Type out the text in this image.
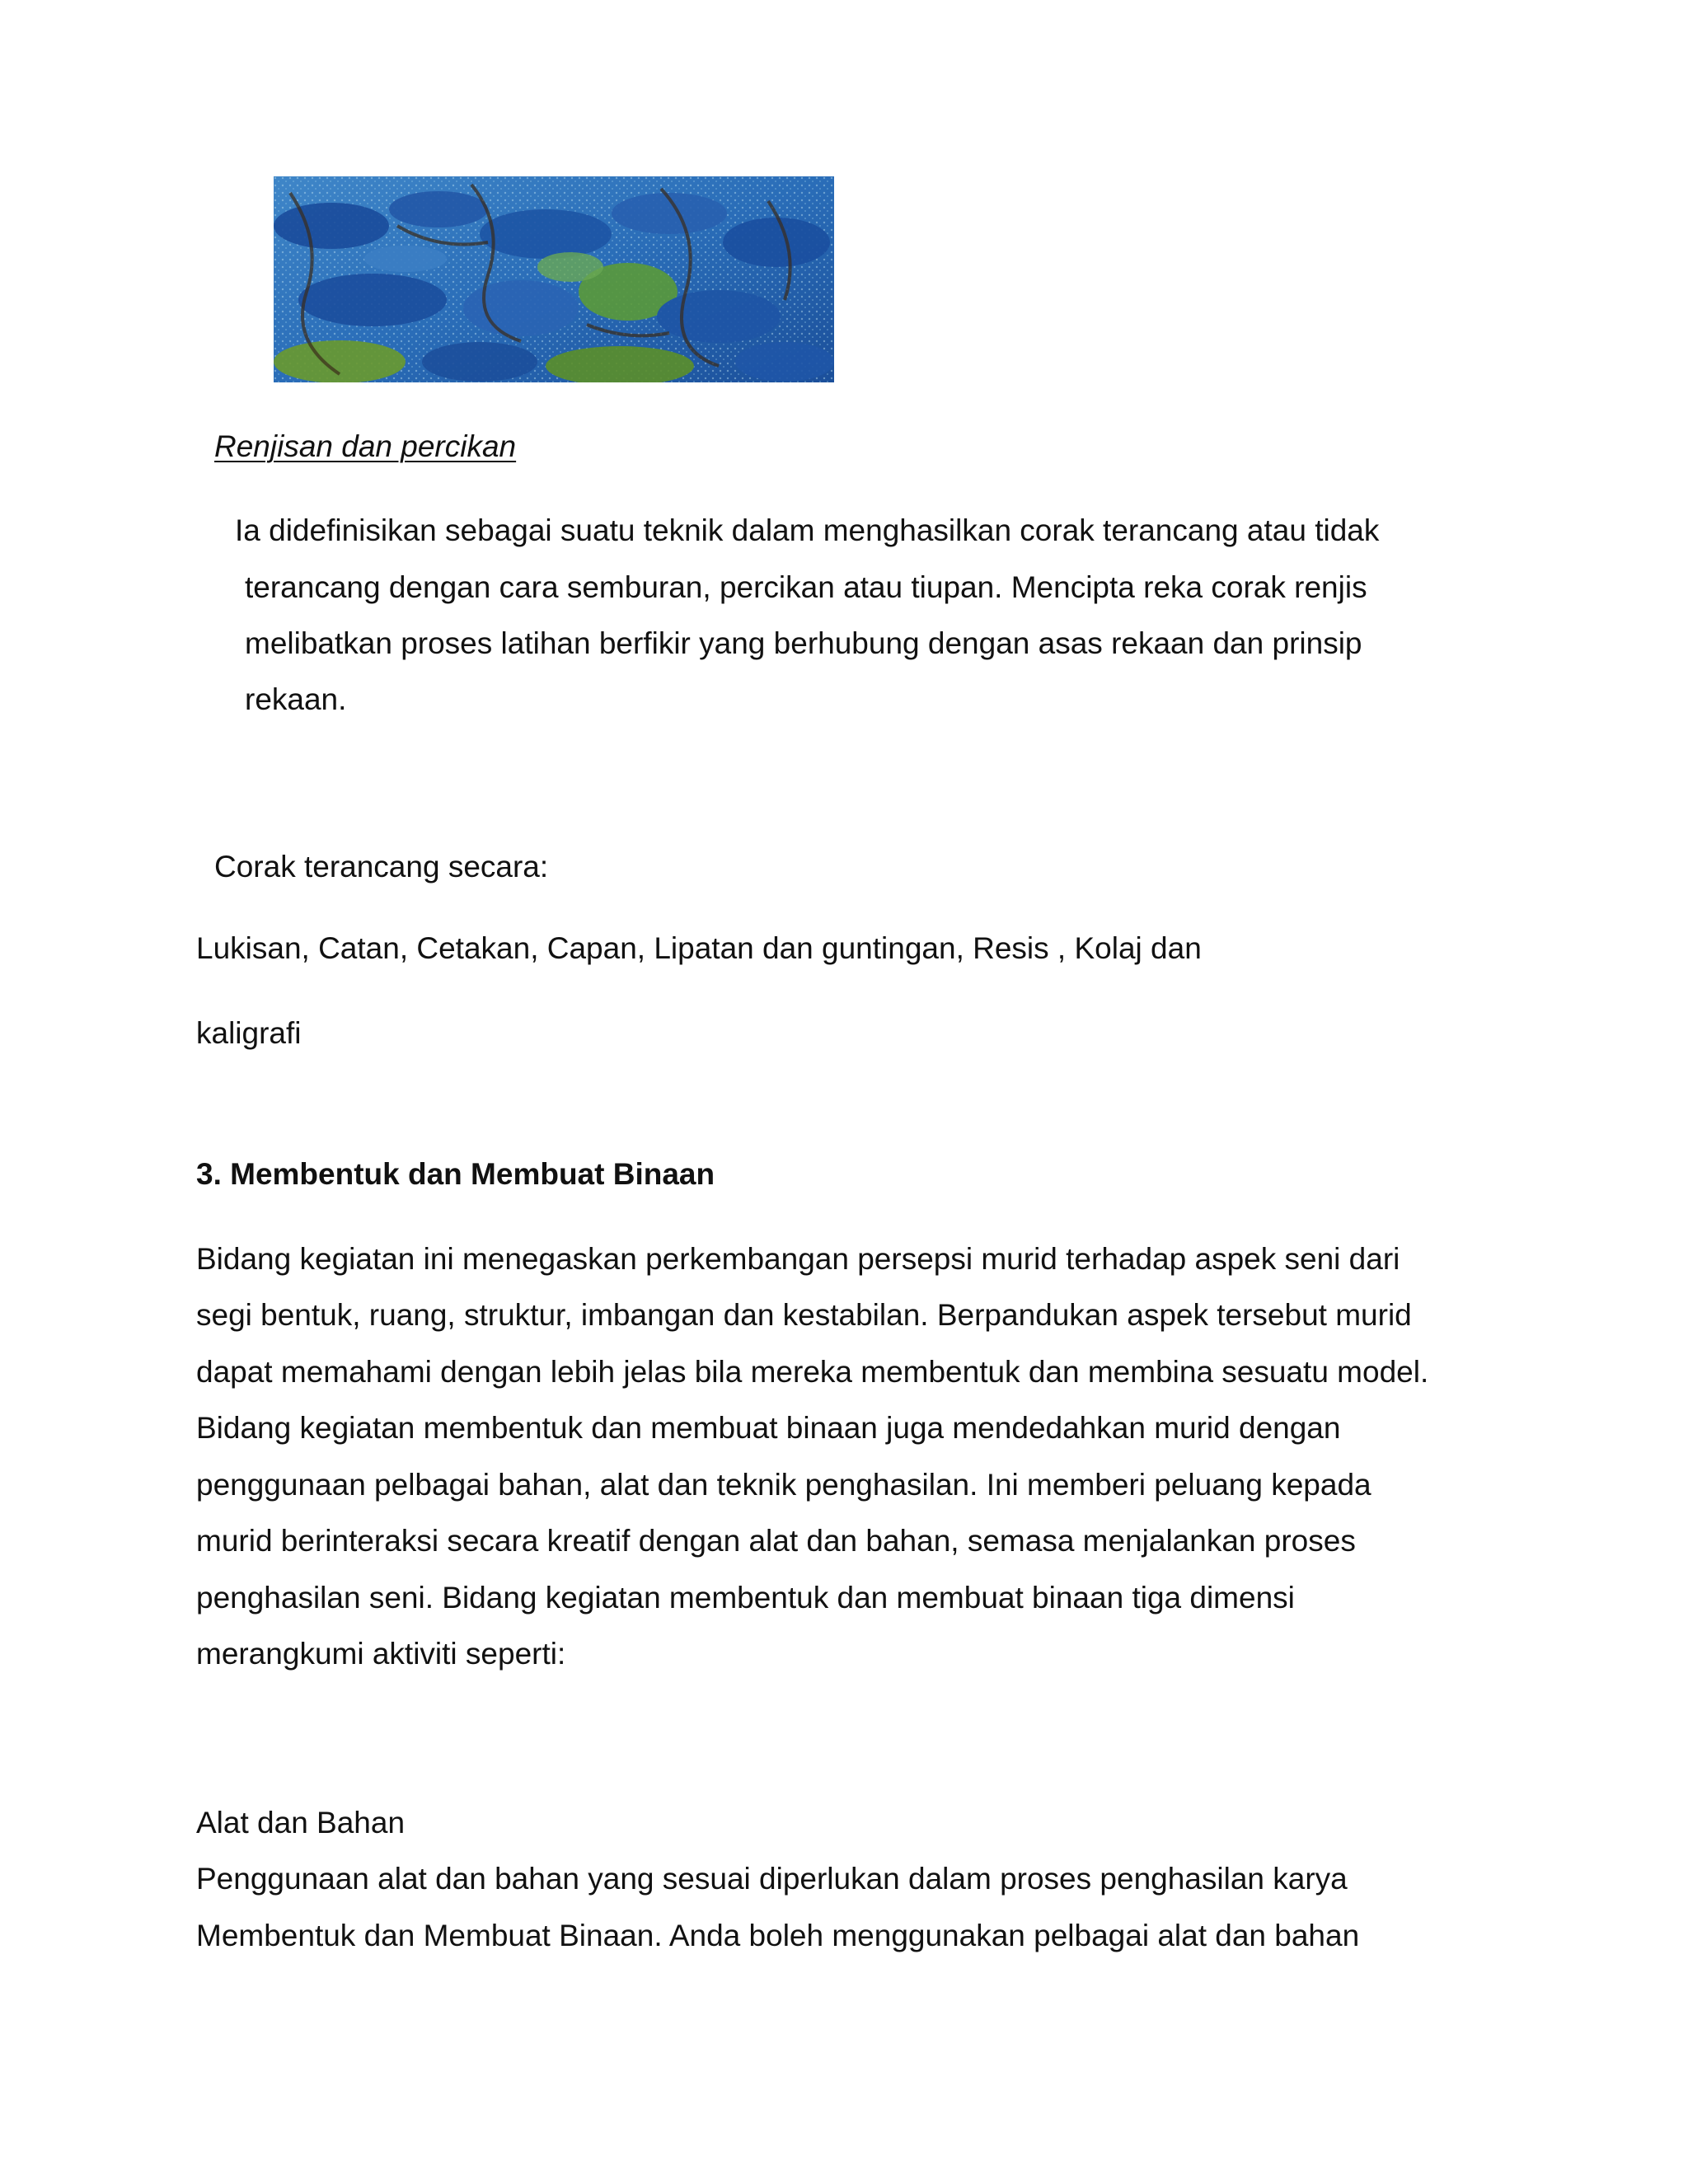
Renjisan dan percikan

Ia didefinisikan sebagai suatu teknik dalam menghasilkan corak terancang atau tidak

terancang dengan cara semburan, percikan atau tiupan. Mencipta reka corak renjis

melibatkan proses latihan berfikir yang berhubung dengan asas rekaan dan prinsip

rekaan.

Corak terancang secara:

Lukisan, Catan, Cetakan, Capan, Lipatan dan guntingan, Resis , Kolaj dan

kaligrafi

3. Membentuk dan Membuat Binaan

Bidang kegiatan ini menegaskan perkembangan persepsi murid terhadap aspek seni dari

segi bentuk, ruang, struktur, imbangan dan kestabilan. Berpandukan aspek tersebut murid

dapat memahami dengan lebih jelas bila mereka membentuk dan membina sesuatu model.

Bidang kegiatan membentuk dan membuat binaan juga mendedahkan murid dengan

penggunaan pelbagai bahan, alat dan teknik penghasilan. Ini memberi peluang kepada

murid berinteraksi secara kreatif dengan alat dan bahan, semasa menjalankan proses

penghasilan seni. Bidang kegiatan membentuk dan membuat binaan tiga dimensi

merangkumi aktiviti seperti:

Alat dan Bahan

Penggunaan alat dan bahan yang sesuai diperlukan dalam proses penghasilan karya

Membentuk dan Membuat Binaan. Anda boleh menggunakan pelbagai alat dan bahan
